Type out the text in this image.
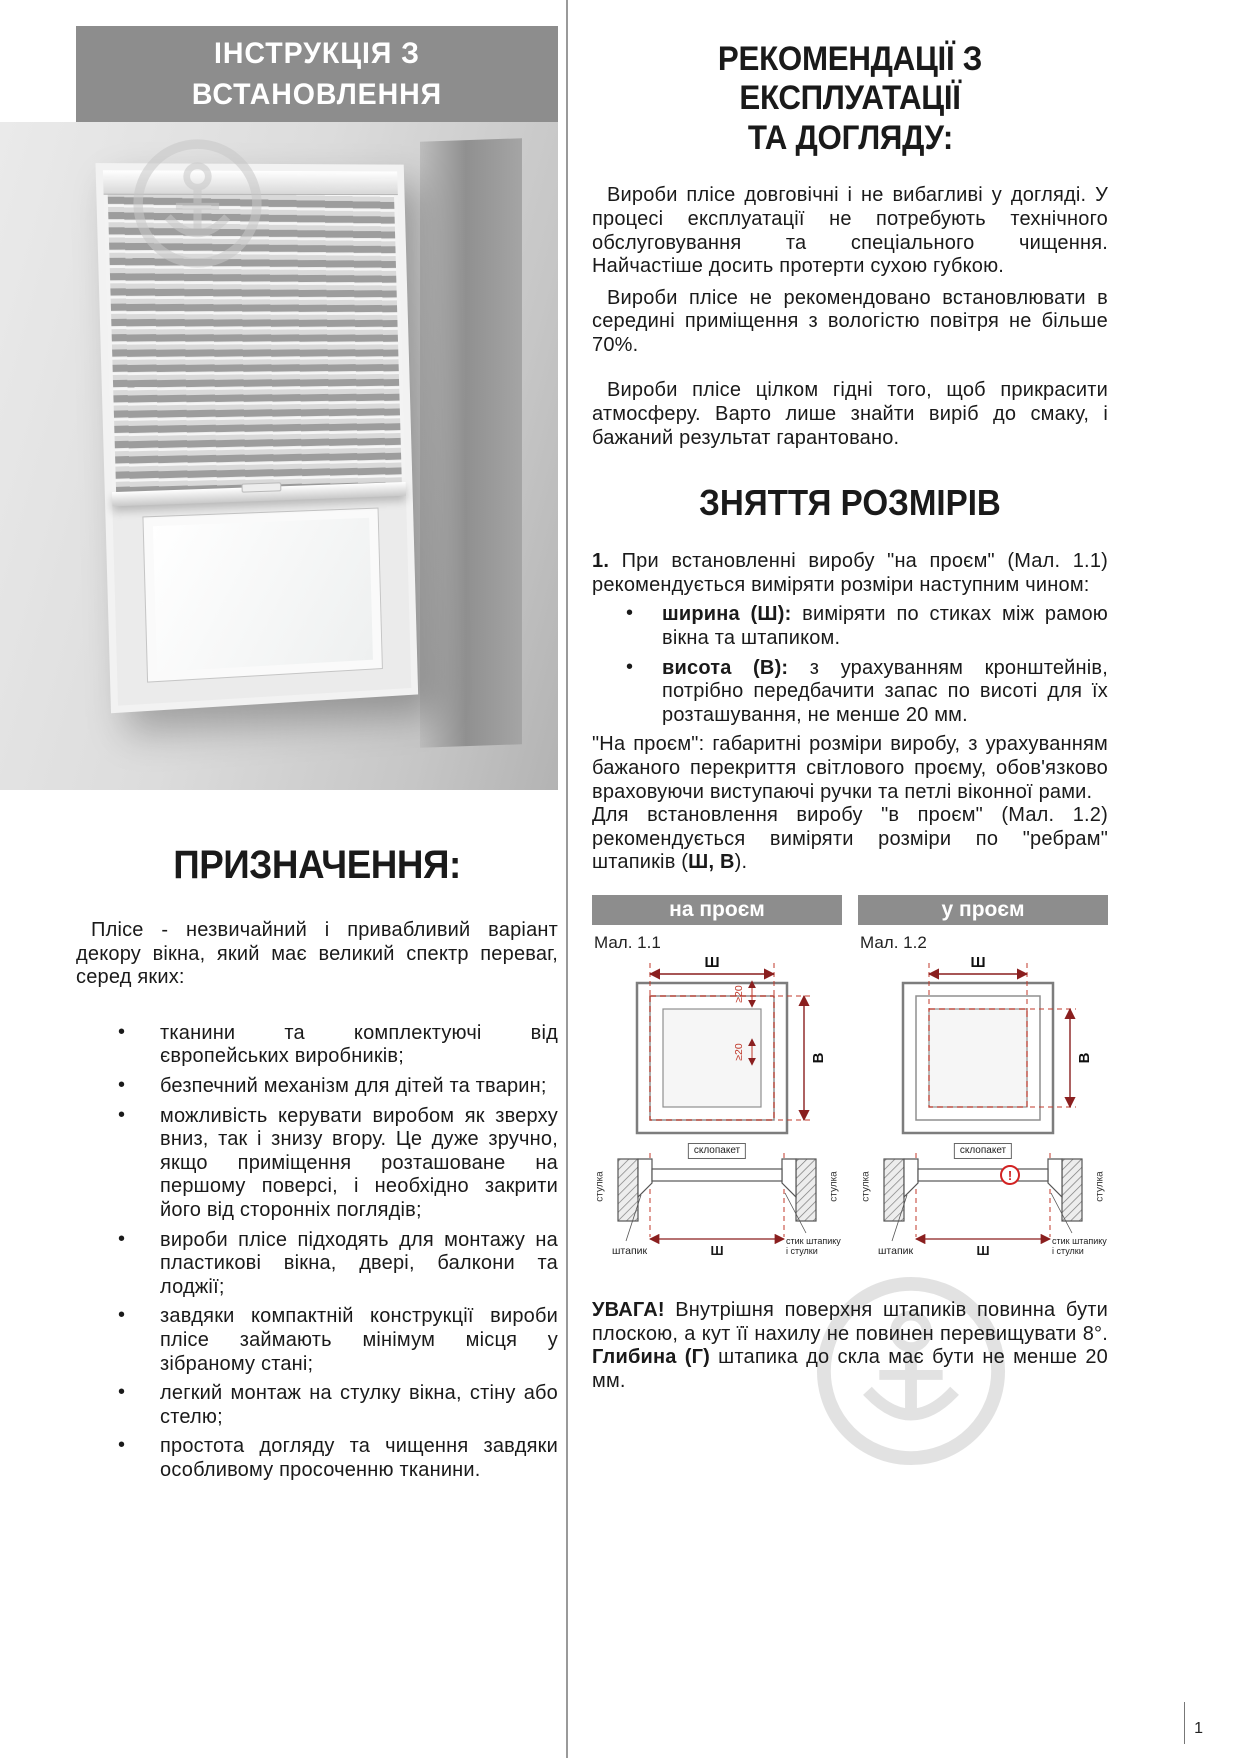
ІНСТРУКЦІЯ З ВСТАНОВЛЕННЯ
ПРИЗНАЧЕННЯ:

Плісе - незвичайний і привабливий варіант декору вікна, який має великий спектр переваг, серед яких:

• тканини та комплектуючі від європейських виробників;
• безпечний механізм для дітей та тварин;
• можливість керувати виробом як зверху вниз, так і знизу вгору. Це дуже зручно, якщо приміщення розташоване на першому поверсі, і необхідно закрити його від сторонніх поглядів;
• вироби плісе підходять для монтажу на пластикові вікна, двері, балкони та лоджії;
• завдяки компактній конструкції вироби плісе займають мінімум місця у зібраному стані;
• легкий монтаж на стулку вікна, стіну або стелю;
• простота догляду та чищення завдяки особливому просоченню тканини.
РЕКОМЕНДАЦІЇ З ЕКСПЛУАТАЦІЇ
ТА ДОГЛЯДУ:

Вироби плісе довговічні і не вибагливі у догляді. У процесі експлуатації не потребують технічного обслуговування та спеціального чищення. Найчастіше досить протерти сухою губкою.

Вироби плісе не рекомендовано встановлювати в середині приміщення з вологістю повітря не більше 70%.

Вироби плісе цілком гідні того, щоб прикрасити атмосферу. Варто лише знайти виріб до смаку, і бажаний результат гарантовано.

ЗНЯТТЯ РОЗМІРІВ

1. При встановленні виробу "на проєм" (Мал. 1.1) рекомендується виміряти розміри наступним чином:

• ширина (Ш): виміряти по стиках між рамою вікна та штапиком.
• висота (В): з урахуванням кронштейнів, потрібно передбачити запас по висоті для їх розташування, не менше 20 мм.

"На проєм": габаритні розміри виробу, з урахуванням бажаного перекриття світлового проєму, обов'язково враховуючи виступаючі ручки та петлі віконної рами.

Для встановлення виробу "в проєм" (Мал. 1.2) рекомендується виміряти розміри по "ребрам" штапиків (Ш, В).

на проєм
Мал. 1.1
Ш
В
≥20
≥20
стулка	стулка
склопакет
штапик	Ш
стик штапику і стулки
у проєм
Мал. 1.2
Ш
В
!
стулка	стулка
склопакет
штапик	Ш
стик штапику і стулки

УВАГА! Внутрішня поверхня штапиків повинна бути плоскою, а кут її нахилу не повинен перевищувати 8°. Глибина (Г) штапика до скла має бути не менше 20 мм.

1
